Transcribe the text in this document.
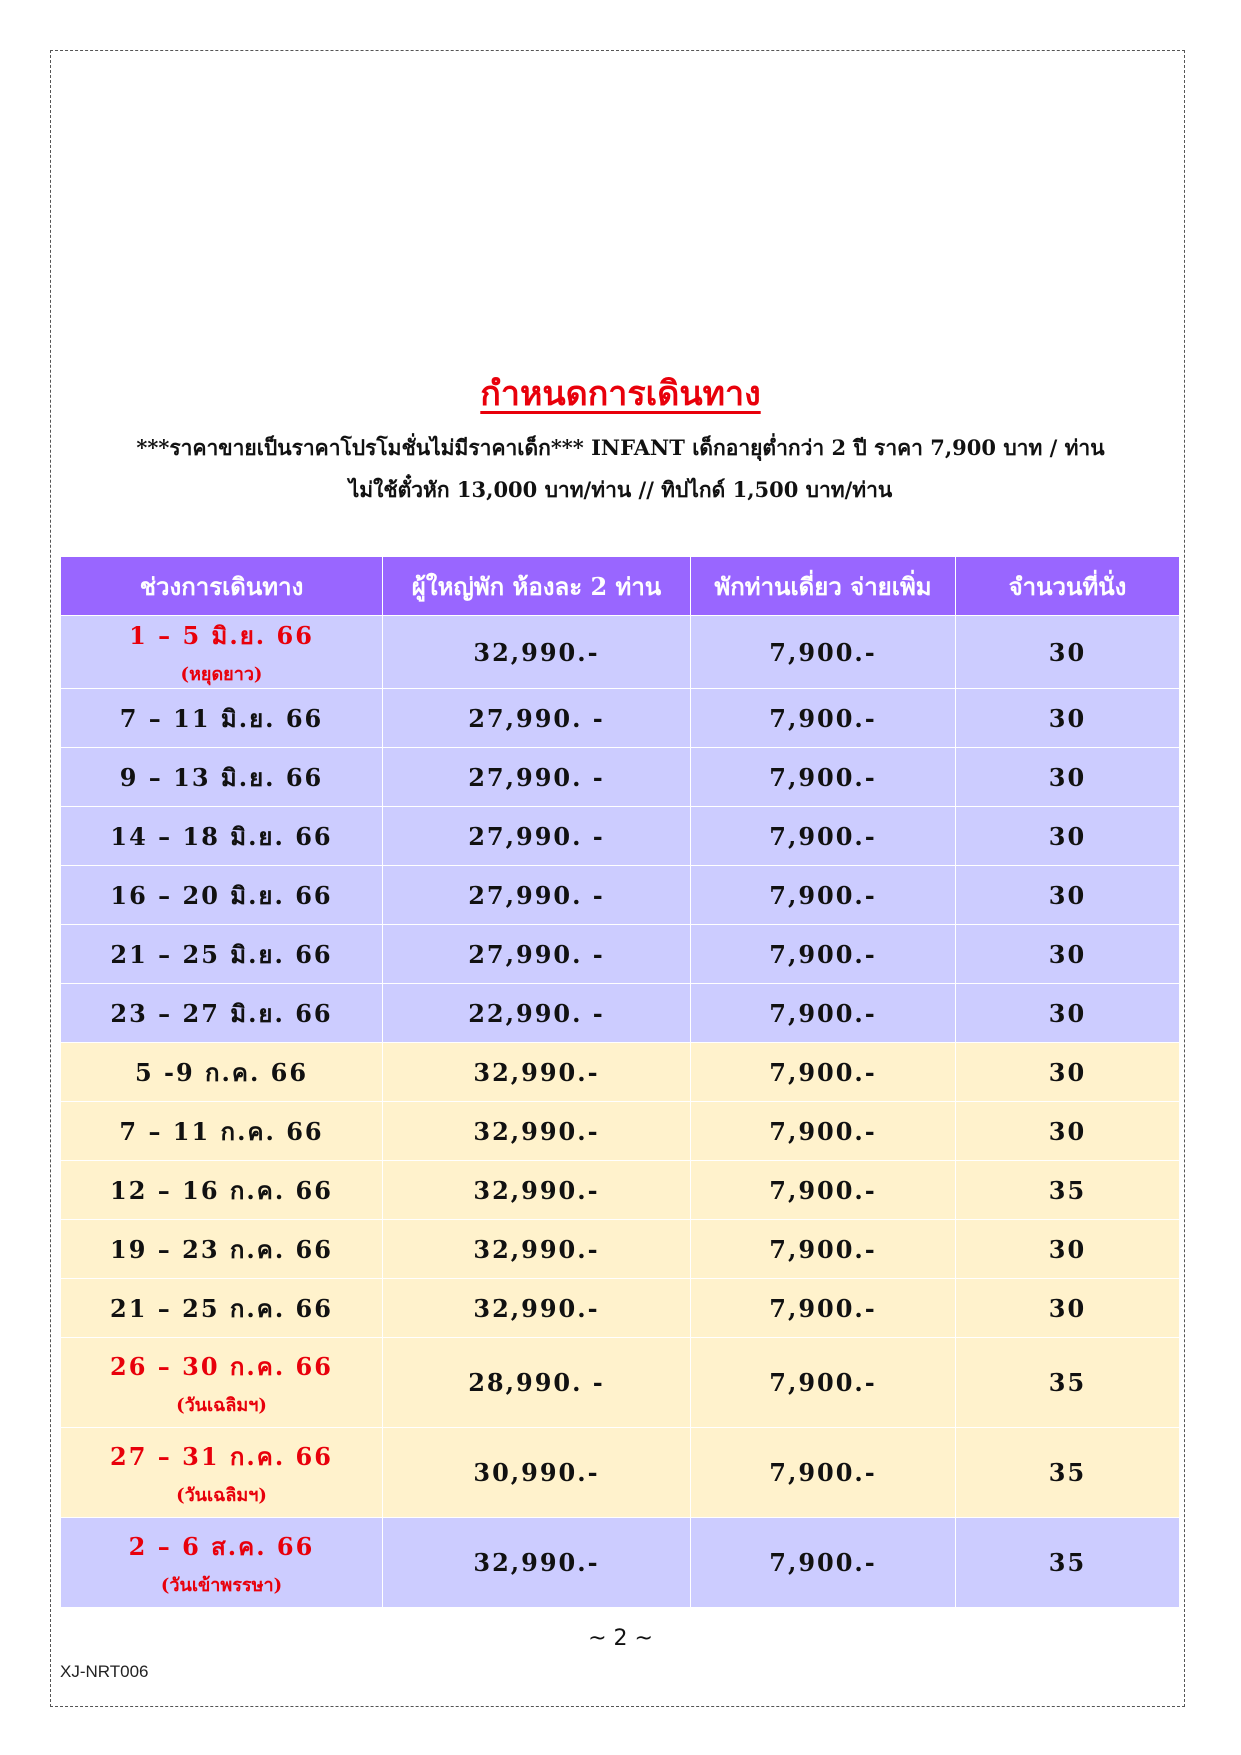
กำหนดการเดินทาง
***ราคาขายเป็นราคาโปรโมชั่นไม่มีราคาเด็ก*** INFANT เด็กอายุต่ำกว่า 2 ปี ราคา 7,900 บาท / ท่าน
ไม่ใช้ตั๋วหัก 13,000 บาท/ท่าน // ทิปไกด์ 1,500 บาท/ท่าน
ช่วงการเดินทาง	ผู้ใหญ่พัก ห้องละ 2 ท่าน	พักท่านเดี่ยว จ่ายเพิ่ม	จำนวนที่นั่ง

1 – 5 มิ.ย. 66
(หยุดยาว)	32,990.-	7,900.-	30
7 – 11 มิ.ย. 66	27,990. -	7,900.-	30
9 – 13 มิ.ย. 66	27,990. -	7,900.-	30
14 – 18 มิ.ย. 66	27,990. -	7,900.-	30
16 – 20 มิ.ย. 66	27,990. -	7,900.-	30
21 – 25 มิ.ย. 66	27,990. -	7,900.-	30
23 – 27 มิ.ย. 66	22,990. -	7,900.-	30
5 -9 ก.ค. 66	32,990.-	7,900.-	30
7 – 11 ก.ค. 66	32,990.-	7,900.-	30
12 – 16 ก.ค. 66	32,990.-	7,900.-	35
19 – 23 ก.ค. 66	32,990.-	7,900.-	30
21 – 25 ก.ค. 66	32,990.-	7,900.-	30

26 – 30 ก.ค. 66
(วันเฉลิมฯ)	28,990. -	7,900.-	35

27 – 31 ก.ค. 66
(วันเฉลิมฯ)	30,990.-	7,900.-	35

2 – 6 ส.ค. 66
(วันเข้าพรรษา)	32,990.-	7,900.-	35
~ 2 ~
XJ-NRT006
